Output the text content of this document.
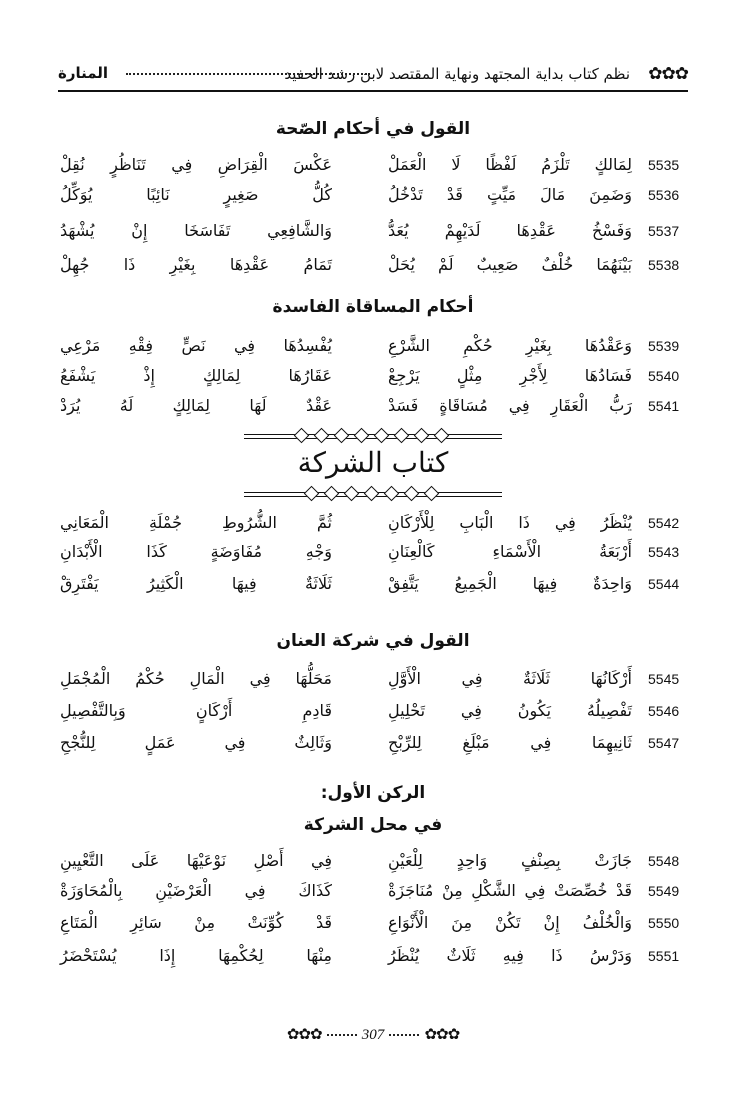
✿✿✿
نظم كتاب بداية المجتهد ونهاية المقتصد لابن رشد الحفيد
المنارة
القول في أحكام الصّحة
5535
لِمَالكٍ تَلْزَمُ لَفْظًا لَا الْعَمَلْ
عَكْسَ الْقِرَاضِ فِي تَنَاظُرٍ نُقِلْ
5536
وَضَمِنَ مَالَ مَيِّتٍ قَدْ تَدْخُلُ
كُلُّ صَغِيرٍ نَائِبًا يُوَكِّلُ
5537
وَفَسْخُ عَقْدِهَا لَدَيْهِمْ يُعَدُّ
وَالشَّافِعِي تَفَاسَخَا إِنْ يُشْهَدُ
5538
بَيْنَهُمَا خُلْفٌ صَعِيبٌ لَمْ يُحَلْ
تَمَامُ عَقْدِهَا بِغَيْرِ ذَا جُهِلْ
أحكام المساقاة الفاسدة
5539
وَعَقْدُهَا بِغَيْرِ حُكْمِ الشَّرْعِ
يُفْسِدُهَا فِي نَصٍّ فِقْهِ مَرْعِي
5540
فَسَادُهَا لِأَجْرِ مِثْلٍ يَرْجِعْ
عَقَارُهَا لِمَالِكٍ إِذْ يَشْفَعُ
5541
رَبُّ الْعَقَارِ فِي مُسَاقَاةٍ فَسَدْ
عَقْدٌ لَهَا لِمَالِكٍ لَهُ يُرَدْ
كتاب الشركة
5542
يُنْظَرُ فِي ذَا الْبَابِ لِلْأَرْكَانِ
ثُمَّ الشُّرُوطِ جُمْلَةِ الْمَعَانِي
5543
أَرْبَعَةُ الْأَسْمَاءِ كَالْعِنَانِ
وَجْهِ مُفَاوَضَةٍ كَذَا الْأَبْدَانِ
5544
وَاحِدَةٌ فِيهَا الْجَمِيعُ يَتَّفِقْ
ثَلَاثَةٌ فِيهَا الْكَثِيرُ يَفْتَرِقْ
القول في شركة العنان
5545
أَرْكَانُهَا ثَلَاثَةٌ فِي الْأَوَّلِ
مَحَلُّهَا فِي الْمَالِ حُكْمُ الْمُجْمَلِ
5546
تَفْصِيلُهُ يَكُونُ فِي تَحْلِيلِ
قَادِمِ أَرْكَانٍ وَبِالتَّفْصِيلِ
5547
ثَانِيهِمَا فِي مَبْلَغِ لِلرِّبْحِ
وَثَالِثٌ فِي عَمَلٍ لِلنُّجْحِ
الركن الأول:
في محل الشركة
5548
جَازَتْ بِصِنْفٍ وَاحِدٍ لِلْعَيْنِ
فِي أَصْلِ نَوْعَيْهَا عَلَى التَّعْيِينِ
5549
قَدْ خُصِّصَتْ فِي الشَّكْلِ مِنْ مُنَاجَزَةْ
كَذَاكَ فِي الْعَرْضَيْنِ بِالْمُحَاوَزَةْ
5550
وَالْخُلْفُ إِنْ تَكُنْ مِنَ الْأَنْوَاعِ
قَدْ كُوِّنَتْ مِنْ سَائِرِ الْمَتَاعِ
5551
وَدَرْسُ ذَا فِيهِ ثَلَاثٌ يُنْظَرُ
مِنْهَا لِحُكْمِهَا إِذَا يُسْتَحْضَرُ
✿✿✿	307	✿✿✿
